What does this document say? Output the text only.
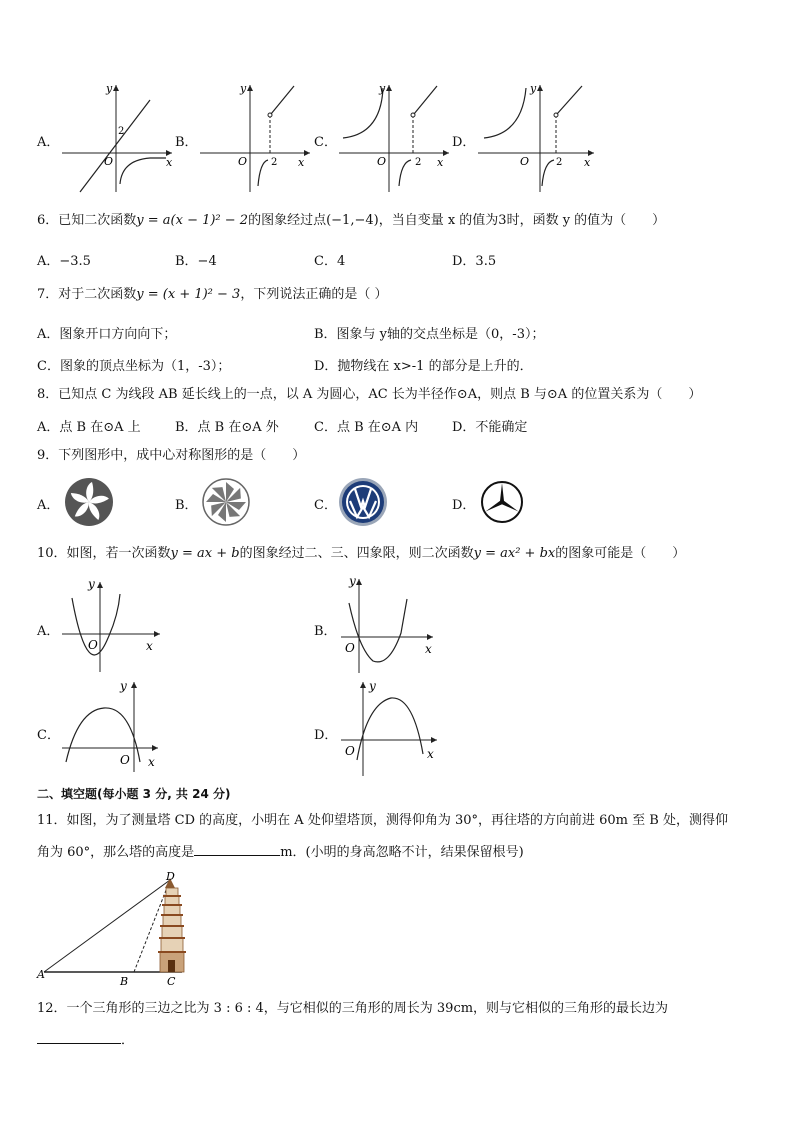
A．
y
x
O
2
B．
y
x
O 2
C．
y
x
O	2
D．
y
x
O	2
6．已知二次函数y = a(x − 1)² − 2的图象经过点(−1,−4)，当自变量 x 的值为3时，函数 y 的值为（　　）
A．−3.5	B．−4	C．4	D．3.5
7．对于二次函数y = (x + 1)² − 3，下列说法正确的是（ ）
A．图象开口方向向下；	B．图象与 y轴的交点坐标是（0，-3）；
C．图象的顶点坐标为（1，-3）；	D．抛物线在 x>-1 的部分是上升的．
8．已知点 C 为线段 AB 延长线上的一点，以 A 为圆心，AC 长为半径作⊙A，则点 B 与⊙A 的位置关系为（　　）
A．点 B 在⊙A 上	B．点 B 在⊙A 外	C．点 B 在⊙A 内	D．不能确定
9．下列图形中，成中心对称图形的是（　　）
A．	B．	C．	D．
10．如图，若一次函数y = ax + b的图象经过二、三、四象限，则二次函数y = ax² + bx的图象可能是（　　）
A．
y
x
O
B．
y
x
O
C．
y
x
O
D．
y
x
O
二、填空题(每小题 3 分, 共 24 分)
11．如图，为了测量塔 CD 的高度，小明在 A 处仰望塔顶，测得仰角为 30°，再往塔的方向前进 60m 至 B 处，测得仰
角为 60°，那么塔的高度是	m．(小明的身高忽略不计，结果保留根号)
D
A
B	C
12．一个三角形的三边之比为 3 : 6 : 4，与它相似的三角形的周长为 39cm，则与它相似的三角形的最长边为
．
